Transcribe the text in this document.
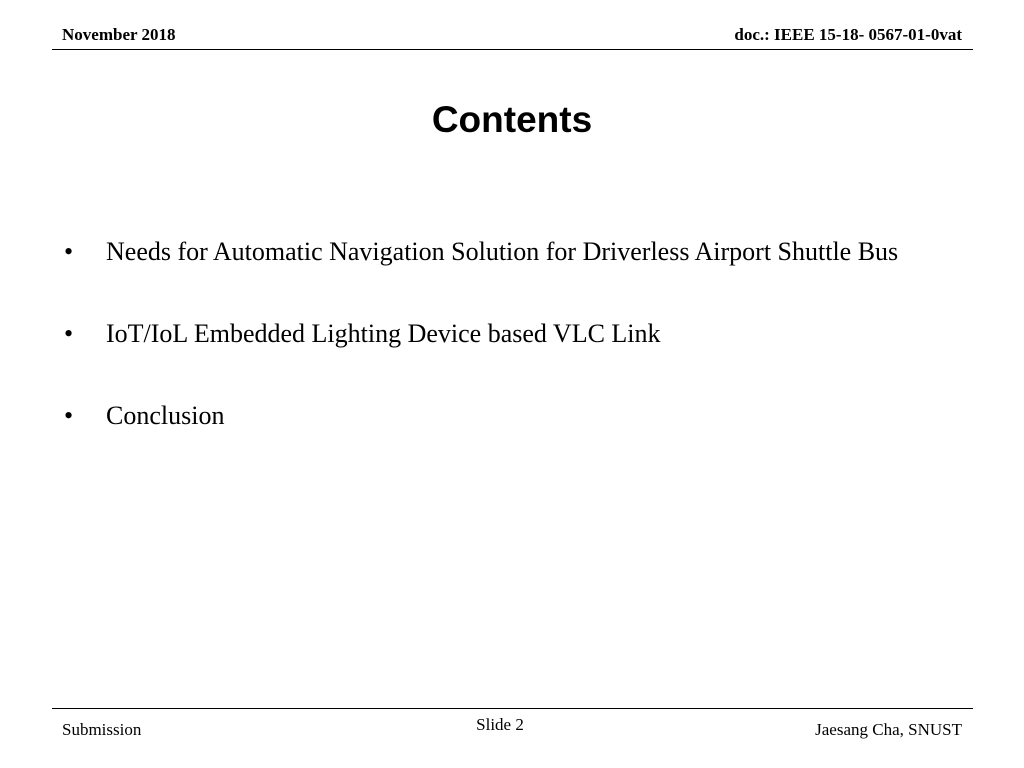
November 2018	doc.: IEEE 15-18- 0567-01-0vat
Contents
• Needs for Automatic Navigation Solution for Driverless Airport Shuttle Bus
• IoT/IoL Embedded Lighting Device based VLC Link
• Conclusion
Submission	Slide 2	Jaesang Cha, SNUST
